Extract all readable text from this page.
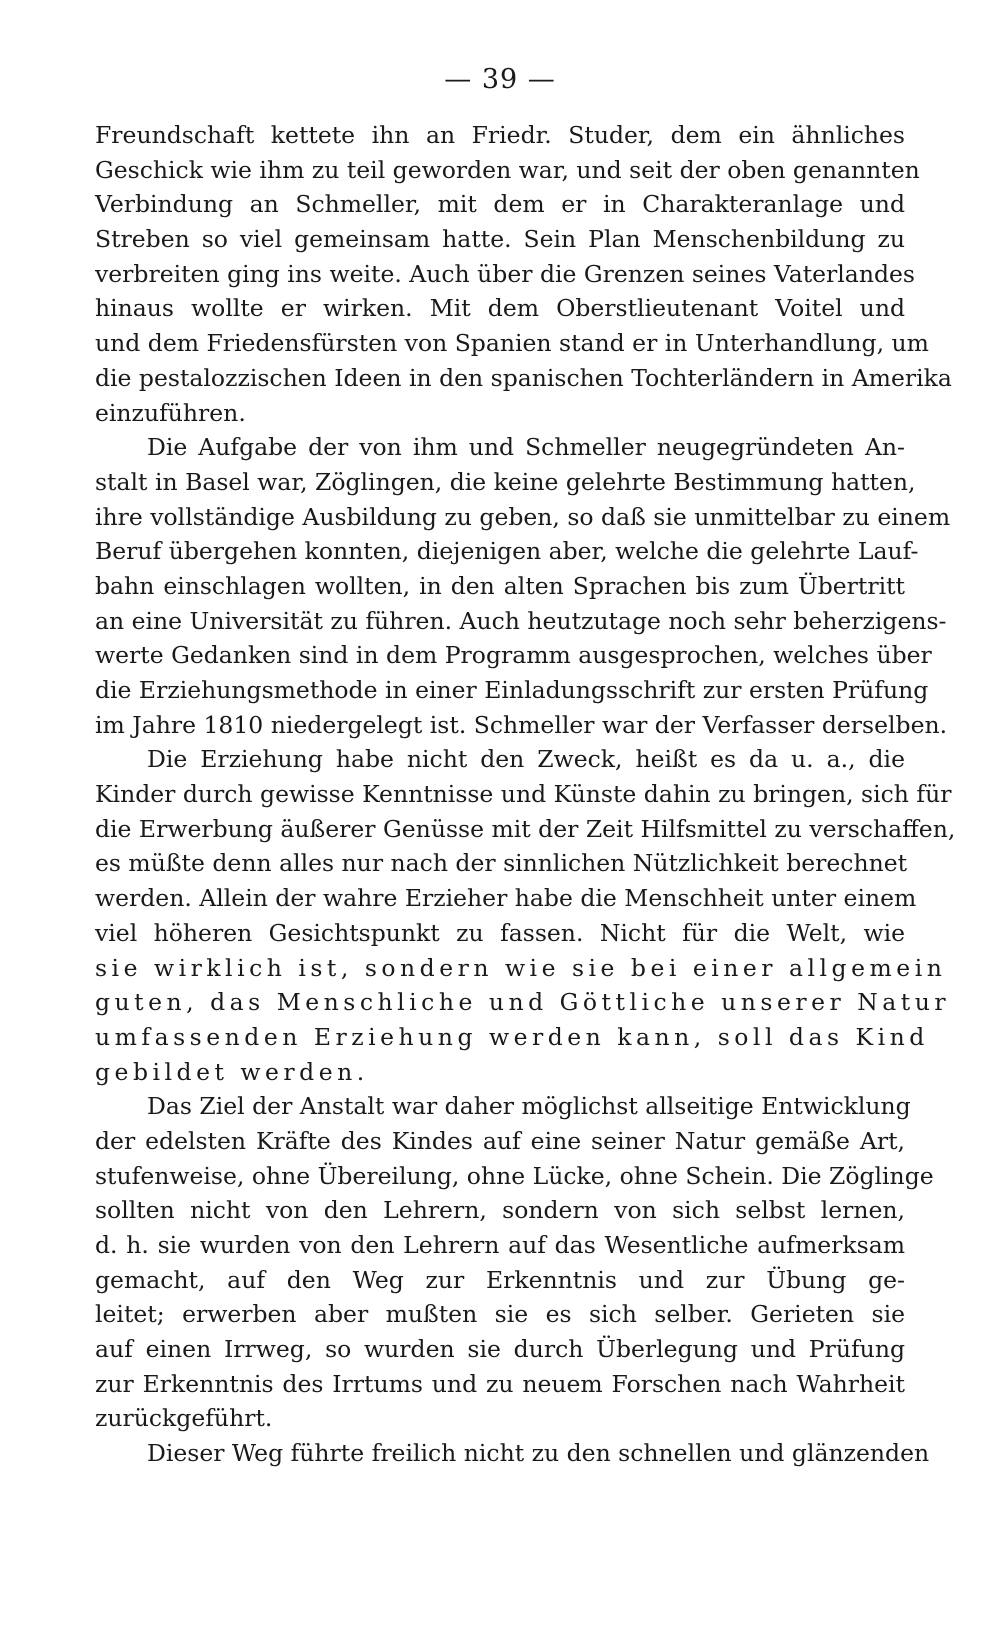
— 39 —
Freundschaft kettete ihn an Friedr. Studer, dem ein ähnliches
Geschick wie ihm zu teil geworden war, und seit der oben genannten
Verbindung an Schmeller, mit dem er in Charakteranlage und
Streben so viel gemeinsam hatte. Sein Plan Menschenbildung zu
verbreiten ging ins weite. Auch über die Grenzen seines Vaterlandes
hinaus wollte er wirken. Mit dem Oberstlieutenant Voitel und
und dem Friedensfürsten von Spanien stand er in Unterhandlung, um
die pestalozzischen Ideen in den spanischen Tochterländern in Amerika
einzuführen.
Die Aufgabe der von ihm und Schmeller neugegründeten An-
stalt in Basel war, Zöglingen, die keine gelehrte Bestimmung hatten,
ihre vollständige Ausbildung zu geben, so daß sie unmittelbar zu einem
Beruf übergehen konnten, diejenigen aber, welche die gelehrte Lauf-
bahn einschlagen wollten, in den alten Sprachen bis zum Übertritt
an eine Universität zu führen. Auch heutzutage noch sehr beherzigens-
werte Gedanken sind in dem Programm ausgesprochen, welches über
die Erziehungsmethode in einer Einladungsschrift zur ersten Prüfung
im Jahre 1810 niedergelegt ist. Schmeller war der Verfasser derselben.
Die Erziehung habe nicht den Zweck, heißt es da u. a., die
Kinder durch gewisse Kenntnisse und Künste dahin zu bringen, sich für
die Erwerbung äußerer Genüsse mit der Zeit Hilfsmittel zu verschaffen,
es müßte denn alles nur nach der sinnlichen Nützlichkeit berechnet
werden. Allein der wahre Erzieher habe die Menschheit unter einem
viel höheren Gesichtspunkt zu fassen. Nicht für die Welt, wie
sie wirklich ist, sondern wie sie bei einer allgemein
guten, das Menschliche und Göttliche unserer Natur
umfassenden Erziehung werden kann, soll das Kind
gebildet werden.
Das Ziel der Anstalt war daher möglichst allseitige Entwicklung
der edelsten Kräfte des Kindes auf eine seiner Natur gemäße Art,
stufenweise, ohne Übereilung, ohne Lücke, ohne Schein. Die Zöglinge
sollten nicht von den Lehrern, sondern von sich selbst lernen,
d. h. sie wurden von den Lehrern auf das Wesentliche aufmerksam
gemacht, auf den Weg zur Erkenntnis und zur Übung ge-
leitet; erwerben aber mußten sie es sich selber. Gerieten sie
auf einen Irrweg, so wurden sie durch Überlegung und Prüfung
zur Erkenntnis des Irrtums und zu neuem Forschen nach Wahrheit
zurückgeführt.
Dieser Weg führte freilich nicht zu den schnellen und glänzenden
